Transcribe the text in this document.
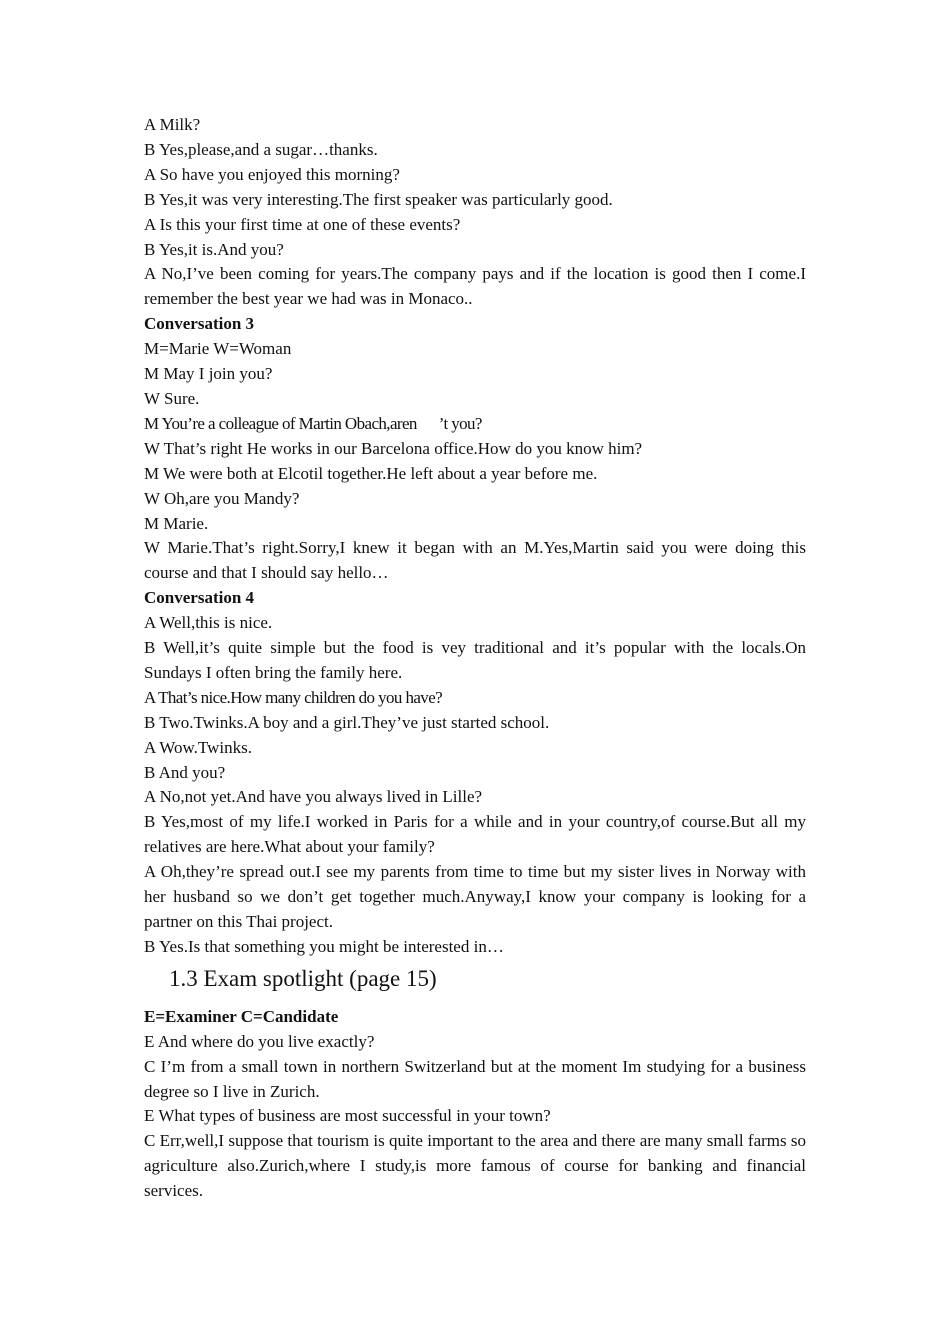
A Milk?
B Yes,please,and a sugar…thanks.
A So have you enjoyed this morning?
B Yes,it was very interesting.The first speaker was particularly good.
A Is this your first time at one of these events?
B Yes,it is.And you?

A No,I’ve been coming for years.The company pays and if the location is good then I come.I remember the best year we had was in Monaco..

Conversation 3
M=Marie W=Woman
M May I join you?
W Sure.
M You’re a colleague of Martin Obach,aren      ’t you?
W That’s right He works in our Barcelona office.How do you know him?
M We were both at Elcotil together.He left about a year before me.
W Oh,are you Mandy?
M Marie.

W Marie.That’s right.Sorry,I knew it began with an M.Yes,Martin said you were doing this course and that I should say hello…

Conversation 4
A Well,this is nice.

B Well,it’s quite simple but the food is vey traditional and it’s popular with the locals.On Sundays I often bring the family here.

A That’s nice.How many children do you have?
B Two.Twinks.A boy and a girl.They’ve just started school.
A Wow.Twinks.
B And you?
A No,not yet.And have you always lived in Lille?

B Yes,most of my life.I worked in Paris for a while and in your country,of course.But all my relatives are here.What about your family?

A Oh,they’re spread out.I see my parents from time to time but my sister lives in Norway with her husband so we don’t get together much.Anyway,I know your company is looking for a partner on this Thai project.

B Yes.Is that something you might be interested in…
1.3 Exam spotlight (page 15)
E=Examiner C=Candidate
E And where do you live exactly?

C I’m from a small town in northern Switzerland but at the moment Im studying for a business degree so I live in Zurich.

E What types of business are most successful in your town?

C Err,well,I suppose that tourism is quite important to the area and there are many small farms so agriculture also.Zurich,where I study,is more famous of course for banking and financial services.
